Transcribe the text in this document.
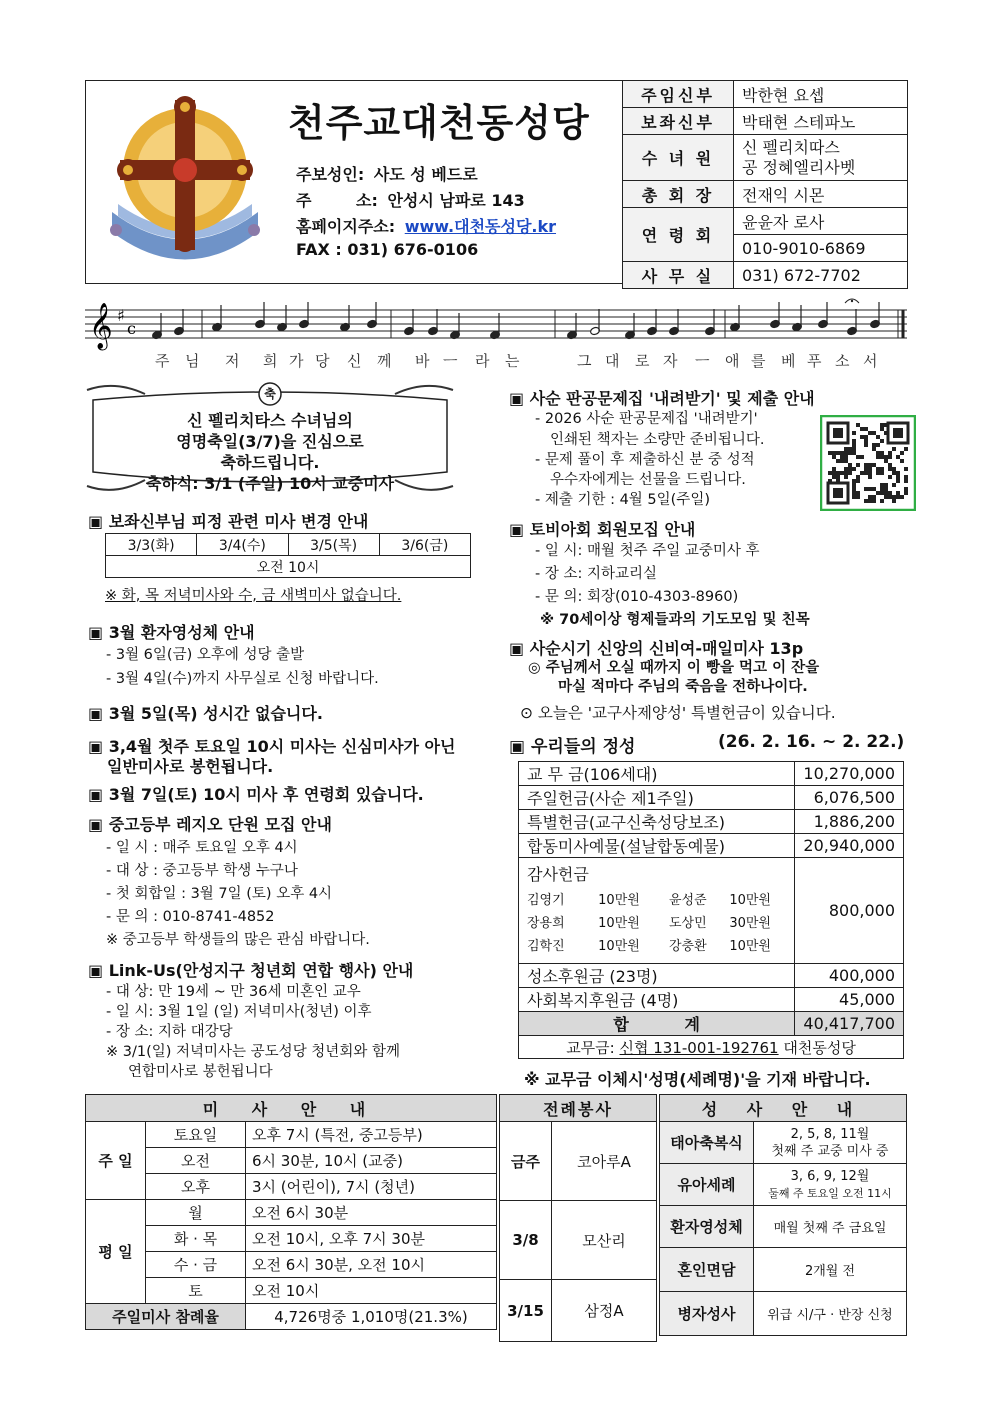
천주교대천동성당
주보성인: 사도 성 베드로
주        소: 안성시 남파로 143
홈페이지주소: www.대천동성당.kr
FAX : 031) 676-0106
주임신부	박한현 요셉
보좌신부	박태현 스테파노
수 녀 원	신 펠리치따스
공 정혜엘리사벳

총 회 장	전재익 시몬
연 령 회	윤윤자 로사
	010-9010-6869
사 무 실	031) 672-7702
𝄞 ♯
c
주 님 저 희 가 당 신 께 바 ㅡ 라 는	그 대 로 자 ㅡ 애 를 베 푸 소 서
축
신 펠리치타스 수녀님의
영명축일(3/7)을 진심으로
축하드립니다.
축하식: 3/1 (주일) 10시 교중미사
▣ 보좌신부님 피정 관련 미사 변경 안내
3/3(화)	3/4(수)	3/5(목)	3/6(금)
오전 10시
※ 화, 목 저녁미사와 수, 금 새벽미사 없습니다.
▣ 3월 환자영성체 안내
- 3월 6일(금) 오후에 성당 출발
- 3월 4일(수)까지 사무실로 신청 바랍니다.
▣ 3월 5일(목) 성시간 없습니다.
▣ 3,4월 첫주 토요일 10시 미사는 신심미사가 아닌
일반미사로 봉헌됩니다.
▣ 3월 7일(토) 10시 미사 후 연령회 있습니다.
▣ 중고등부 레지오 단원 모집 안내
- 일 시 : 매주 토요일 오후 4시
- 대 상 : 중고등부 학생 누구나
- 첫 회합일 : 3월 7일 (토) 오후 4시
- 문 의 : 010-8741-4852
※ 중고등부 학생들의 많은 관심 바랍니다.
▣ Link-Us(안성지구 청년회 연합 행사) 안내
- 대 상: 만 19세 ~ 만 36세 미혼인 교우
- 일 시: 3월 1일 (일) 저녁미사(청년) 이후
- 장 소: 지하 대강당
※ 3/1(일) 저녁미사는 공도성당 청년회와 함께
연합미사로 봉헌됩니다
▣ 사순 판공문제집 '내려받기' 및 제출 안내
- 2026 사순 판공문제집 '내려받기'
인쇄된 책자는 소량만 준비됩니다.
- 문제 풀이 후 제출하신 분 중 성적
우수자에게는 선물을 드립니다.
- 제출 기한 : 4월 5일(주일)
▣ 토비아회 회원모집 안내
- 일 시: 매월 첫주 주일 교중미사 후
- 장 소: 지하교리실
- 문 의: 회장(010-4303-8960)
※ 70세이상 형제들과의 기도모임 및 친목
▣ 사순시기 신앙의 신비여-매일미사 13p
◎ 주님께서 오실 때까지 이 빵을 먹고 이 잔을
마실 적마다 주님의 죽음을 전하나이다.
⊙ 오늘은 '교구사제양성' 특별헌금이 있습니다.
▣ 우리들의 정성	(26. 2. 16. ~ 2. 22.)
교 무 금(106세대)	10,270,000
주일헌금(사순 제1주일)	6,076,500
특별헌금(교구신축성당보조)	1,886,200
합동미사예물(설날합동예물)	20,940,000

감사헌금
김영기 10만원 윤성준 10만원
장용희 10만원 도상민 30만원
김학진 10만원 강충환 10만원	800,000
성소후원금 (23명)	400,000
사회복지후원금 (4명)	45,000
합          계	40,417,700
교무금: 신협 131-001-192761 대천동성당	
※ 교무금 이체시'성명(세례명)'을 기재 바랍니다.
미 사 안 내		
주 일	토요일	오후 7시 (특전, 중고등부)
	오전	6시 30분, 10시 (교중)
	오후	3시 (어린이), 7시 (청년)
평 일	월	오전 6시 30분
	화 · 목	오전 10시, 오후 7시 30분
	수 · 금	오전 6시 30분, 오전 10시
	토	오전 10시
주일미사 참례율		4,726명중 1,010명(21.3%)
전례봉사	
금주	코아루A
3/8	모산리
3/15	삼정A
성 사 안 내	
태아축복식	2, 5, 8, 11월
첫째 주 교중 미사 중

유아세례	3, 6, 9, 12월
둘째 주 토요일 오전 11시

환자영성체	매월 첫째 주 금요일
혼인면담	2개월 전
병자성사	위급 시/구 · 반장 신청
